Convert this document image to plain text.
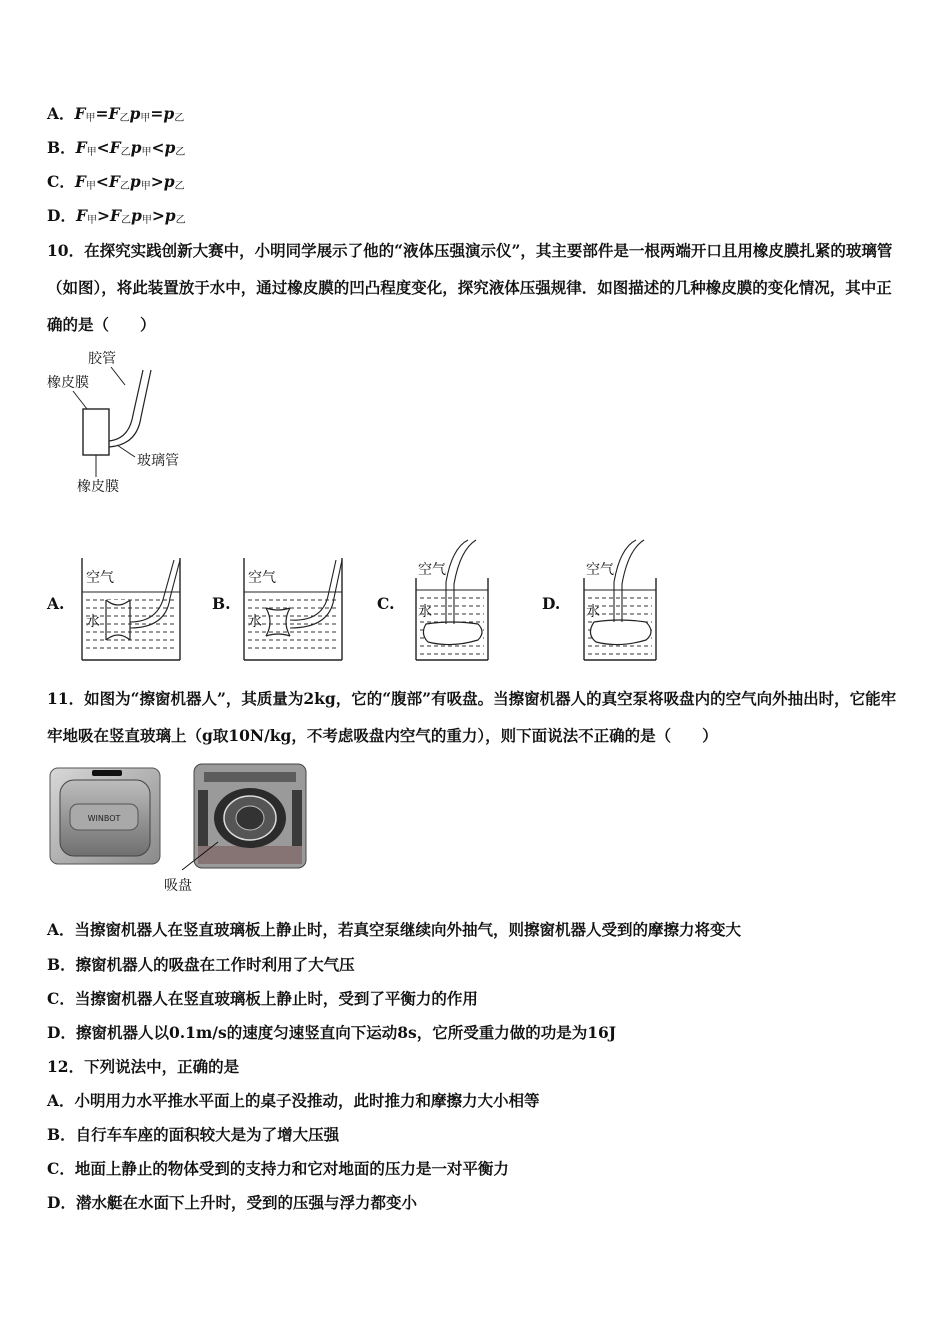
A．$F_甲=F_乙p_甲=p_乙$
B．$F_甲<F_乙p_甲<p_乙$
C．$F_甲<F_乙p_甲>p_乙$
D．$F_甲>F_乙p_甲>p_乙$
10．在探究实践创新大赛中，小明同学展示了他的“液体压强演示仪”，其主要部件是一根两端开口且用橡皮膜扎紧的玻璃管（如图），将此装置放于水中，通过橡皮膜的凹凸程度变化，探究液体压强规律．如图描述的几种橡皮膜的变化情况，其中正确的是（　　）
胶管
橡皮膜
玻璃管
橡皮膜
A.
空气
水
B.
空气
水
C.
空气
水	D.
空气
水
11．如图为“擦窗机器人”，其质量为2kg，它的“腹部”有吸盘。当擦窗机器人的真空泵将吸盘内的空气向外抽出时，它能牢牢地吸在竖直玻璃上（g取10N/kg，不考虑吸盘内空气的重力），则下面说法不正确的是（　　）
WINBOT
吸盘
A．当擦窗机器人在竖直玻璃板上静止时，若真空泵继续向外抽气，则擦窗机器人受到的摩擦力将变大
B．擦窗机器人的吸盘在工作时利用了大气压
C．当擦窗机器人在竖直玻璃板上静止时，受到了平衡力的作用
D．擦窗机器人以0.1m/s的速度匀速竖直向下运动8s，它所受重力做的功是为16J
12．下列说法中，正确的是
A．小明用力水平推水平面上的桌子没推动，此时推力和摩擦力大小相等
B．自行车车座的面积较大是为了增大压强
C．地面上静止的物体受到的支持力和它对地面的压力是一对平衡力
D．潜水艇在水面下上升时，受到的压强与浮力都变小
